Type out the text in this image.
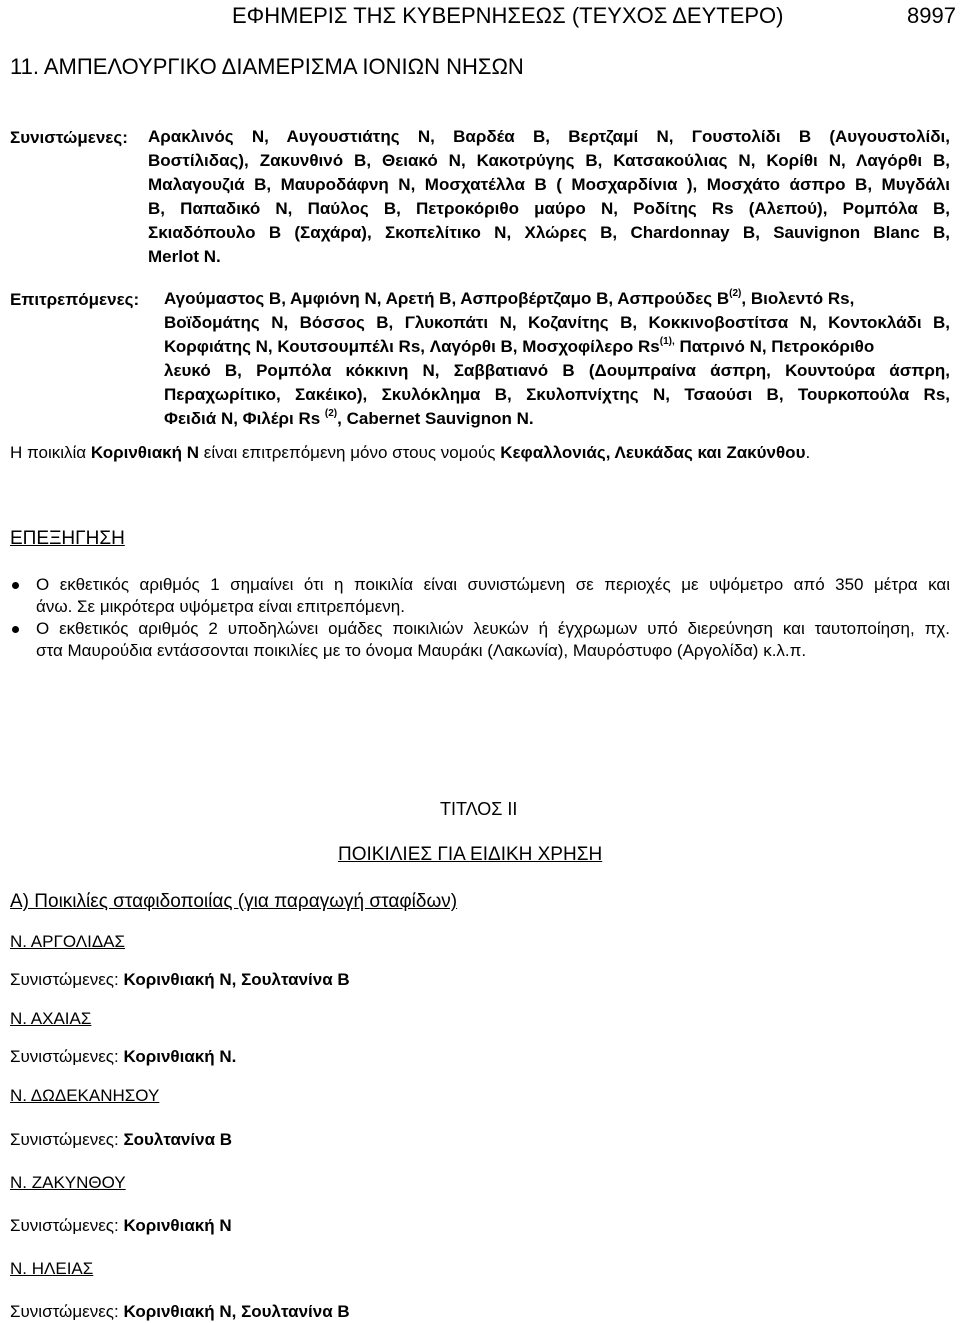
ΕΦΗΜΕΡΙΣ ΤΗΣ ΚΥΒΕΡΝΗΣΕΩΣ (ΤΕΥΧΟΣ ΔΕΥΤΕΡΟ)	8997
11. ΑΜΠΕΛΟΥΡΓΙΚΟ ΔΙΑΜΕΡΙΣΜΑ ΙΟΝΙΩΝ ΝΗΣΩΝ
Συνιστώμενες: Αρακλινός Ν, Αυγουστιάτης Ν, Βαρδέα Β, Βερτζαμί Ν, Γουστολίδι Β (Αυγουστολίδι,
Βοστίλιδας), Ζακυνθινό Β, Θειακό Ν, Κακοτρύγης Β, Κατσακούλιας Ν, Κορίθι Ν, Λαγόρθι Β,
Μαλαγουζιά Β, Μαυροδάφνη Ν, Μοσχατέλλα Β ( Μοσχαρδίνια ), Μοσχάτο άσπρο Β, Μυγδάλι
Β, Παπαδικό Ν, Παύλος Β, Πετροκόριθο μαύρο Ν, Ροδίτης Rs (Αλεπού), Ρομπόλα Β,
Σκιαδόπουλο Β (Σαχάρα), Σκοπελίτικο Ν, Χλώρες Β, Chardonnay B, Sauvignon Blanc B,
Merlot N.
Επιτρεπόμενες: Αγούμαστος Β, Αμφιόνη Ν, Αρετή Β, Ασπροβέρτζαμο Β, Ασπρούδες $B^{(2)}$, Βιολεντό Rs,
Βοϊδομάτης Ν, Βόσσος Β, Γλυκοπάτι Ν, Κοζανίτης Β, Κοκκινοβοστίτσα Ν, Κοντοκλάδι Β,
Κορφιάτης Ν, Κουτσουμπέλι Rs, Λαγόρθι Β, Μοσχοφίλερο $Rs^{(1),}$ Πατρινό Ν, Πετροκόριθο
λευκό Β, Ρομπόλα κόκκινη Ν, Σαββατιανό Β (Δουμπραίνα άσπρη, Κουντούρα άσπρη,
Περαχωρίτικο, Σακέικο), Σκυλόκληµα Β, Σκυλοπνίχτης Ν, Τσαούσι Β, Τουρκοπούλα Rs,
Φειδιά Ν, Φιλέρι Rs $^{(2)}$, Cabernet Sauvignon N.
Η ποικιλία Κορινθιακή Ν είναι επιτρεπόμενη μόνο στους νομούς Κεφαλλονιάς, Λευκάδας και Ζακύνθου.
ΕΠΕΞΗΓΗΣΗ
Ο εκθετικός αριθμός 1 σημαίνει ότι η ποικιλία είναι συνιστώμενη σε περιοχές με υψόμετρο από 350 μέτρα και
άνω. Σε μικρότερα υψόμετρα είναι επιτρεπόμενη.
Ο εκθετικός αριθμός 2 υποδηλώνει ομάδες ποικιλιών λευκών ή έγχρωμων υπό διερεύνηση και ταυτοποίηση, πχ.
στα Μαυρούδια εντάσσονται ποικιλίες με το όνομα Μαυράκι (Λακωνία), Μαυρόστυφο (Αργολίδα) κ.λ.π.
ΤΙΤΛΟΣ ΙΙ
ΠΟΙΚΙΛΙΕΣ ΓΙΑ ΕΙΔΙΚΗ ΧΡΗΣΗ
Α) Ποικιλίες σταφιδοποιίας (για παραγωγή σταφίδων)
Ν. ΑΡΓΟΛΙΔΑΣ
Συνιστώμενες: Κορινθιακή Ν, Σουλτανίνα Β
Ν. ΑΧΑΙΑΣ
Συνιστώμενες: Κορινθιακή Ν.
Ν. ΔΩΔΕΚΑΝΗΣΟΥ
Συνιστώμενες: Σουλτανίνα Β
Ν. ΖΑΚΥΝΘΟΥ
Συνιστώμενες: Κορινθιακή Ν
Ν. ΗΛΕΙΑΣ
Συνιστώμενες: Κορινθιακή Ν, Σουλτανίνα Β
